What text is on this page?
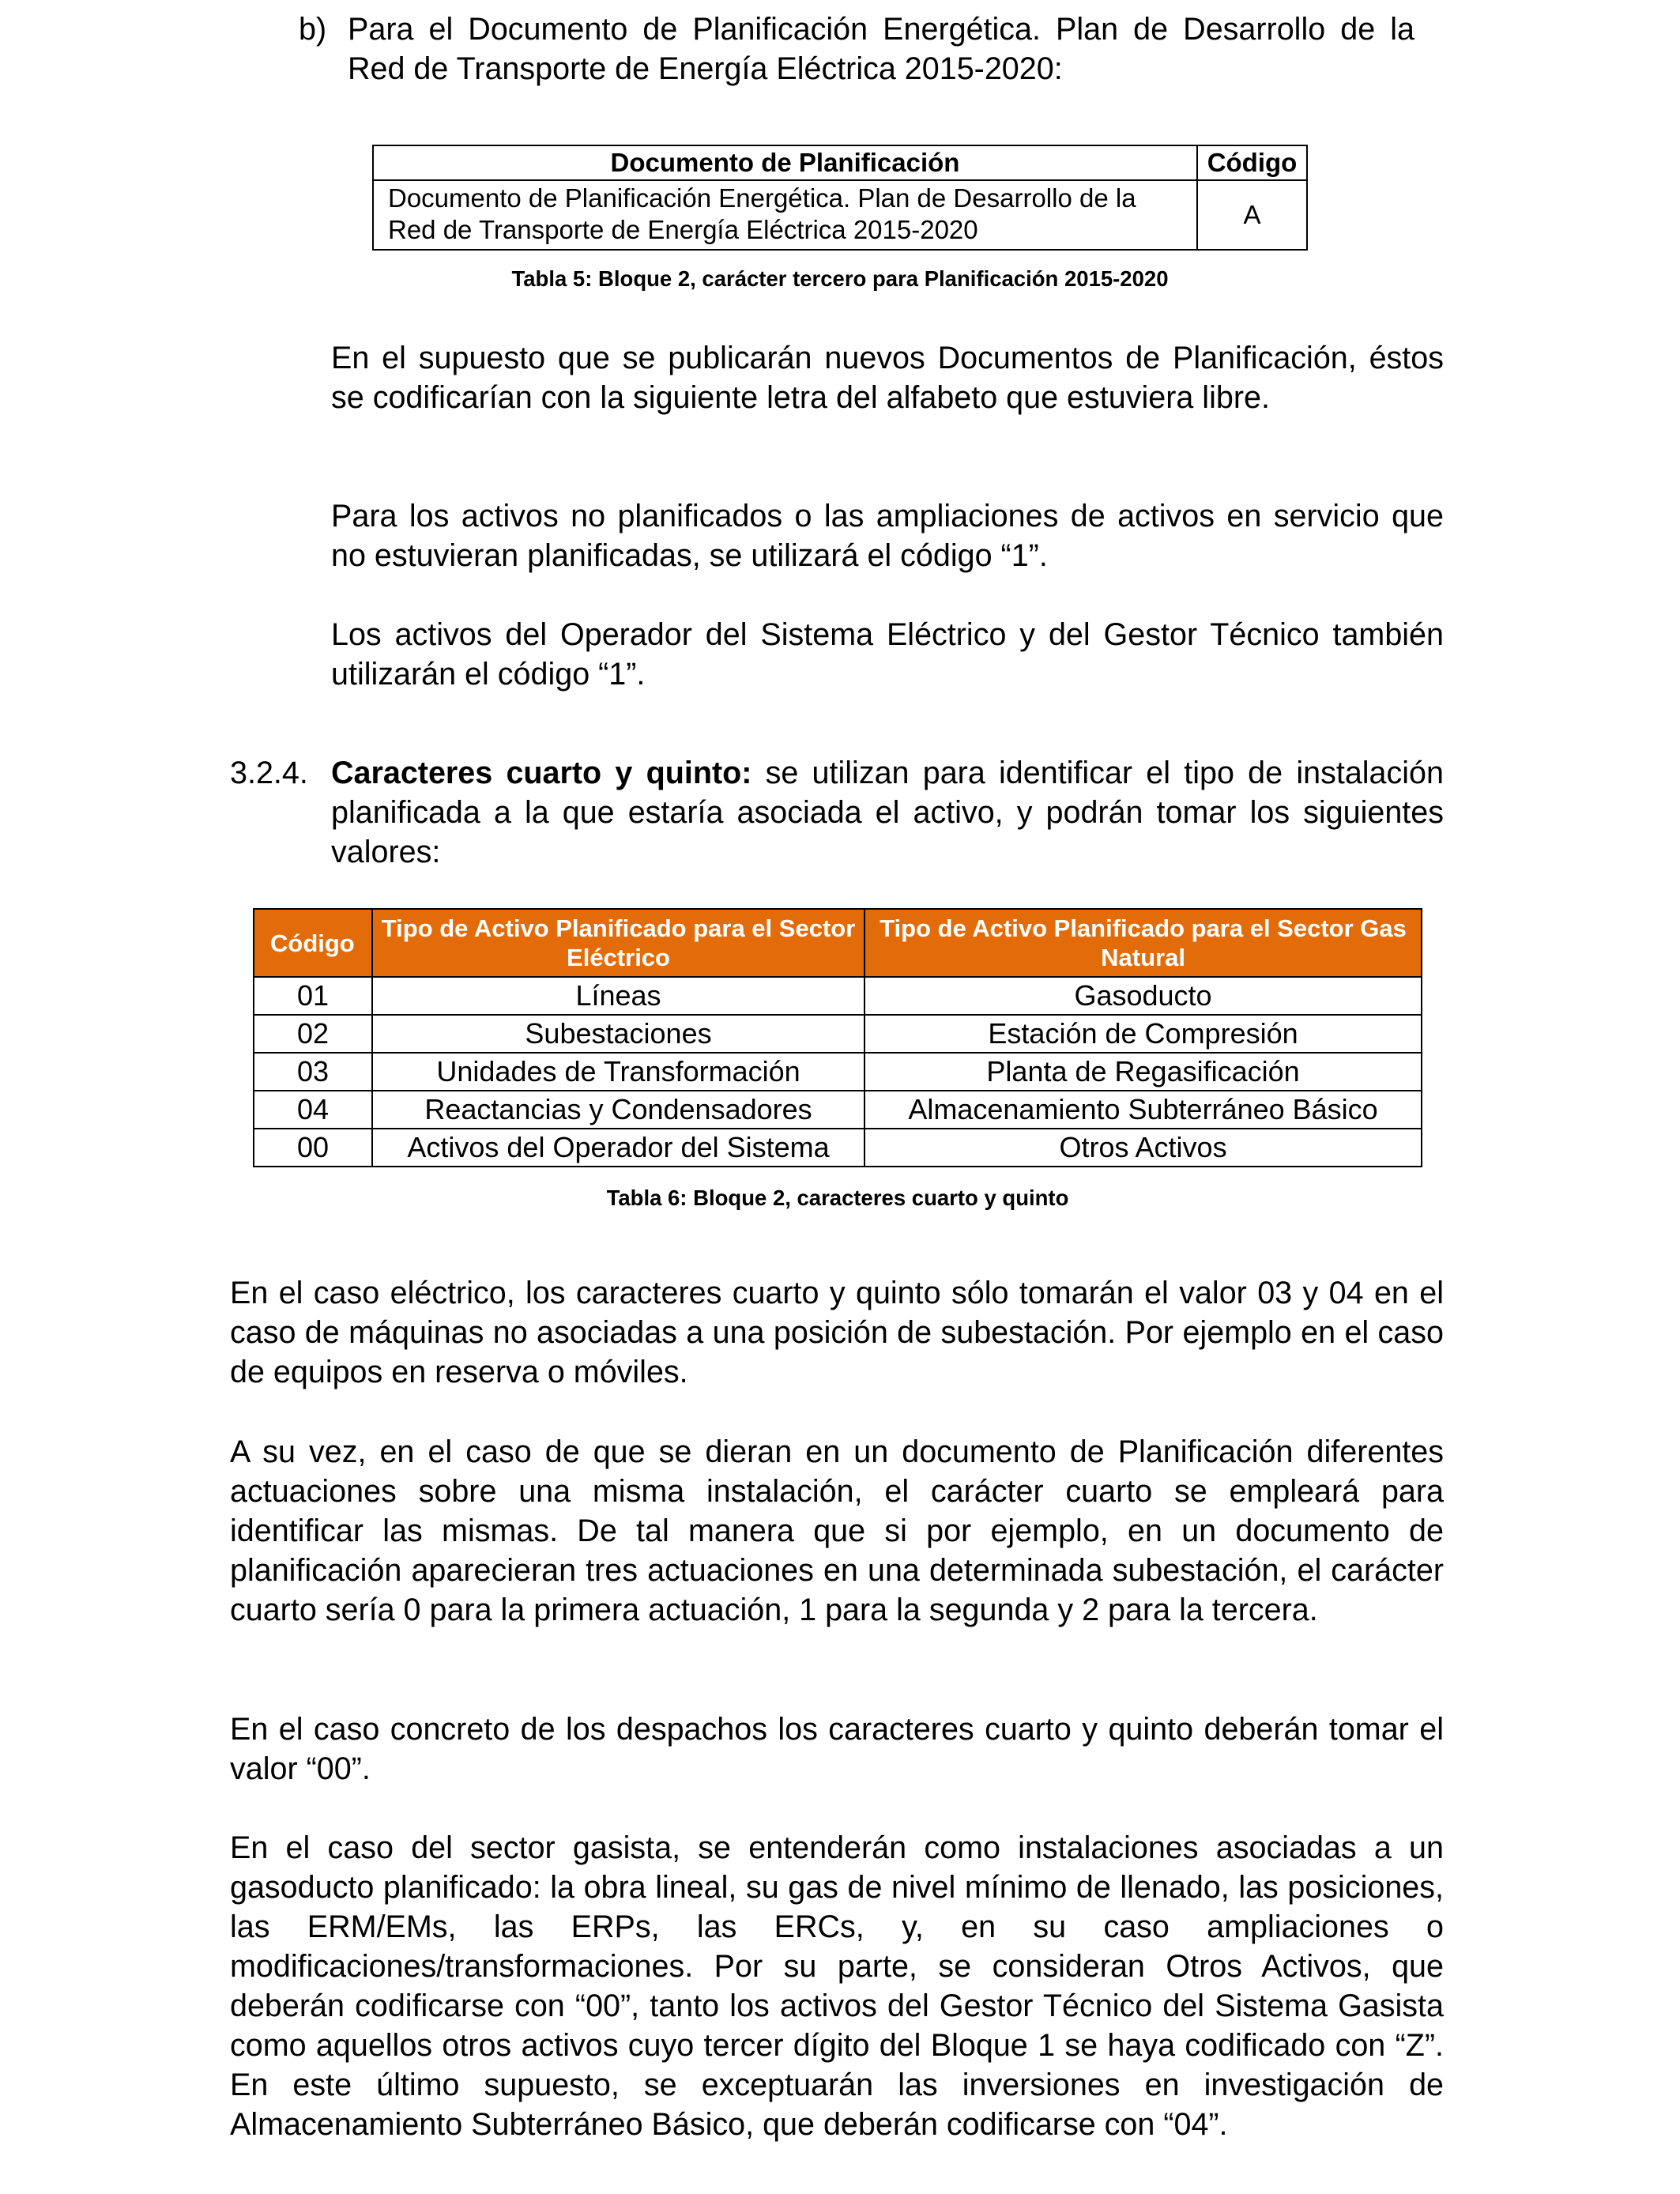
b) Para el Documento de Planificación Energética. Plan de Desarrollo de la Red de Transporte de Energía Eléctrica 2015-2020:

Documento de Planificación	Código
Documento de Planificación Energética. Plan de Desarrollo de la Red de Transporte de Energía Eléctrica 2015-2020	A
Tabla 5: Bloque 2, carácter tercero para Planificación 2015-2020

En el supuesto que se publicarán nuevos Documentos de Planificación, éstos se codificarían con la siguiente letra del alfabeto que estuviera libre.

Para los activos no planificados o las ampliaciones de activos en servicio que no estuvieran planificadas, se utilizará el código “1”.

Los activos del Operador del Sistema Eléctrico y del Gestor Técnico también utilizarán el código “1”.

3.2.4. Caracteres cuarto y quinto: se utilizan para identificar el tipo de instalación planificada a la que estaría asociada el activo, y podrán tomar los siguientes valores:

Código	Tipo de Activo Planificado para el Sector Eléctrico	Tipo de Activo Planificado para el Sector Gas Natural
01	Líneas	Gasoducto
02	Subestaciones	Estación de Compresión
03	Unidades de Transformación	Planta de Regasificación
04	Reactancias y Condensadores	Almacenamiento Subterráneo Básico
00	Activos del Operador del Sistema	Otros Activos
Tabla 6: Bloque 2, caracteres cuarto y quinto

En el caso eléctrico, los caracteres cuarto y quinto sólo tomarán el valor 03 y 04 en el caso de máquinas no asociadas a una posición de subestación. Por ejemplo en el caso de equipos en reserva o móviles.

A su vez, en el caso de que se dieran en un documento de Planificación diferentes actuaciones sobre una misma instalación, el carácter cuarto se empleará para identificar las mismas. De tal manera que si por ejemplo, en un documento de planificación aparecieran tres actuaciones en una determinada subestación, el carácter cuarto sería 0 para la primera actuación, 1 para la segunda y 2 para la tercera.

En el caso concreto de los despachos los caracteres cuarto y quinto deberán tomar el valor “00”.

En el caso del sector gasista, se entenderán como instalaciones asociadas a un gasoducto planificado: la obra lineal, su gas de nivel mínimo de llenado, las posiciones, las ERM/EMs, las ERPs, las ERCs, y, en su caso ampliaciones o modificaciones/transformaciones. Por su parte, se consideran Otros Activos, que deberán codificarse con “00”, tanto los activos del Gestor Técnico del Sistema Gasista como aquellos otros activos cuyo tercer dígito del Bloque 1 se haya codificado con “Z”. En este último supuesto, se exceptuarán las inversiones en investigación de Almacenamiento Subterráneo Básico, que deberán codificarse con “04”.
